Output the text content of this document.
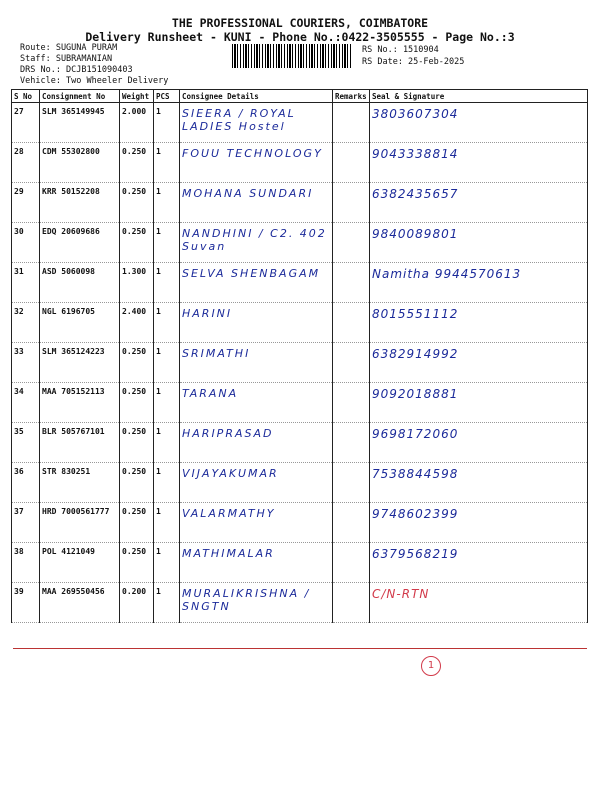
THE PROFESSIONAL COURIERS, COIMBATORE
Delivery Runsheet - KUNI - Phone No.:0422-3505555 - Page No.:3
Route: SUGUNA PURAM
Staff: SUBRAMANIAN
DRS No.: DCJB151090403
Vehicle: Two Wheeler Delivery
RS No.: 1510904
RS Date: 25-Feb-2025
S No	Consignment No	Weight	PCS	Consignee Details	Remarks	Seal & Signature
27	SLM 365149945	2.000	1	SIEERA / ROYAL LADIES Hostel		3803607304
28	CDM 55302800	0.250	1	FOUU TECHNOLOGY		9043338814
29	KRR 50152208	0.250	1	MOHANA SUNDARI		6382435657
30	EDQ 20609686	0.250	1	NANDHINI / C2. 402 Suvan		9840089801
31	ASD 5060098	1.300	1	SELVA SHENBAGAM		Namitha 9944570613
32	NGL 6196705	2.400	1	HARINI		8015551112
33	SLM 365124223	0.250	1	SRIMATHI		6382914992
34	MAA 705152113	0.250	1	TARANA		9092018881
35	BLR 505767101	0.250	1	HARIPRASAD		9698172060
36	STR 830251	0.250	1	VIJAYAKUMAR		7538844598
37	HRD 7000561777	0.250	1	VALARMATHY		9748602399
38	POL 4121049	0.250	1	MATHIMALAR		6379568219
39	MAA 269550456	0.200	1	MURALIKRISHNA / SNGTN		C/N-RTN
1
